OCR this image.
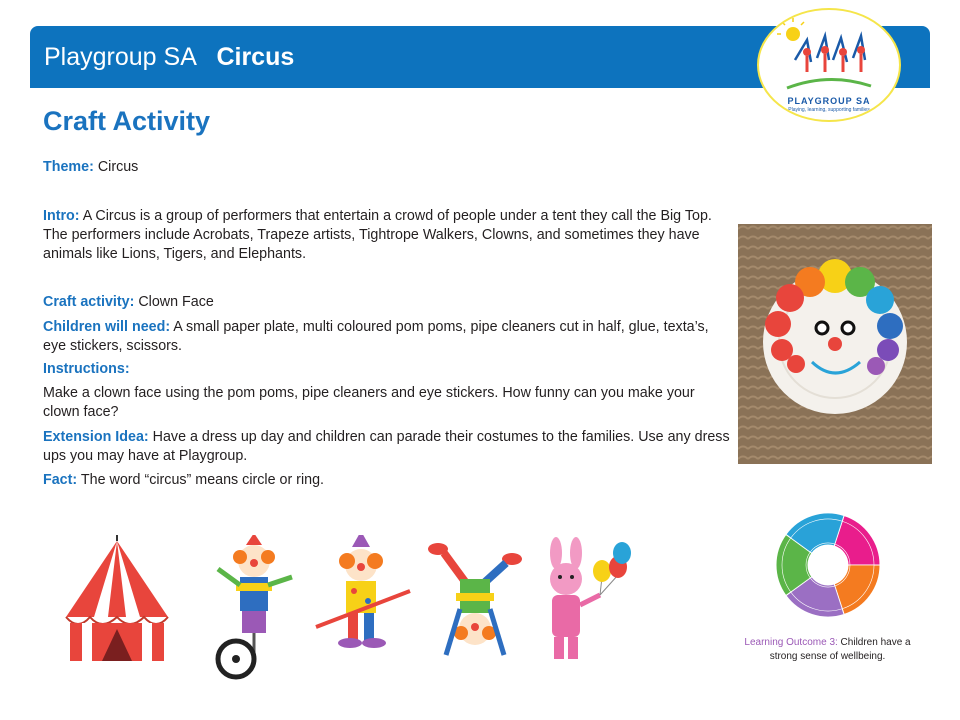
Playgroup SA Circus
PLAYGROUP SA
Playing, learning, supporting families
Craft Activity

Theme: Circus

Intro: A Circus is a group of performers that entertain a crowd of people under a tent they call the Big Top. The performers include Acrobats, Trapeze artists, Tightrope Walkers, Clowns, and sometimes they have animals like Lions, Tigers, and Elephants.

Craft activity: Clown Face

Children will need: A small paper plate, multi coloured pom poms, pipe cleaners cut in half, glue, texta’s, eye stickers, scissors.

Instructions:

Make a clown face using the pom poms, pipe cleaners and eye stickers. How funny can you make your clown face?

Extension Idea: Have a dress up day and children can parade their costumes to the families. Use any dress ups you may have at Playgroup.

Fact: The word “circus” means circle or ring.

Learning Outcome 3: Children have a strong sense of wellbeing.
